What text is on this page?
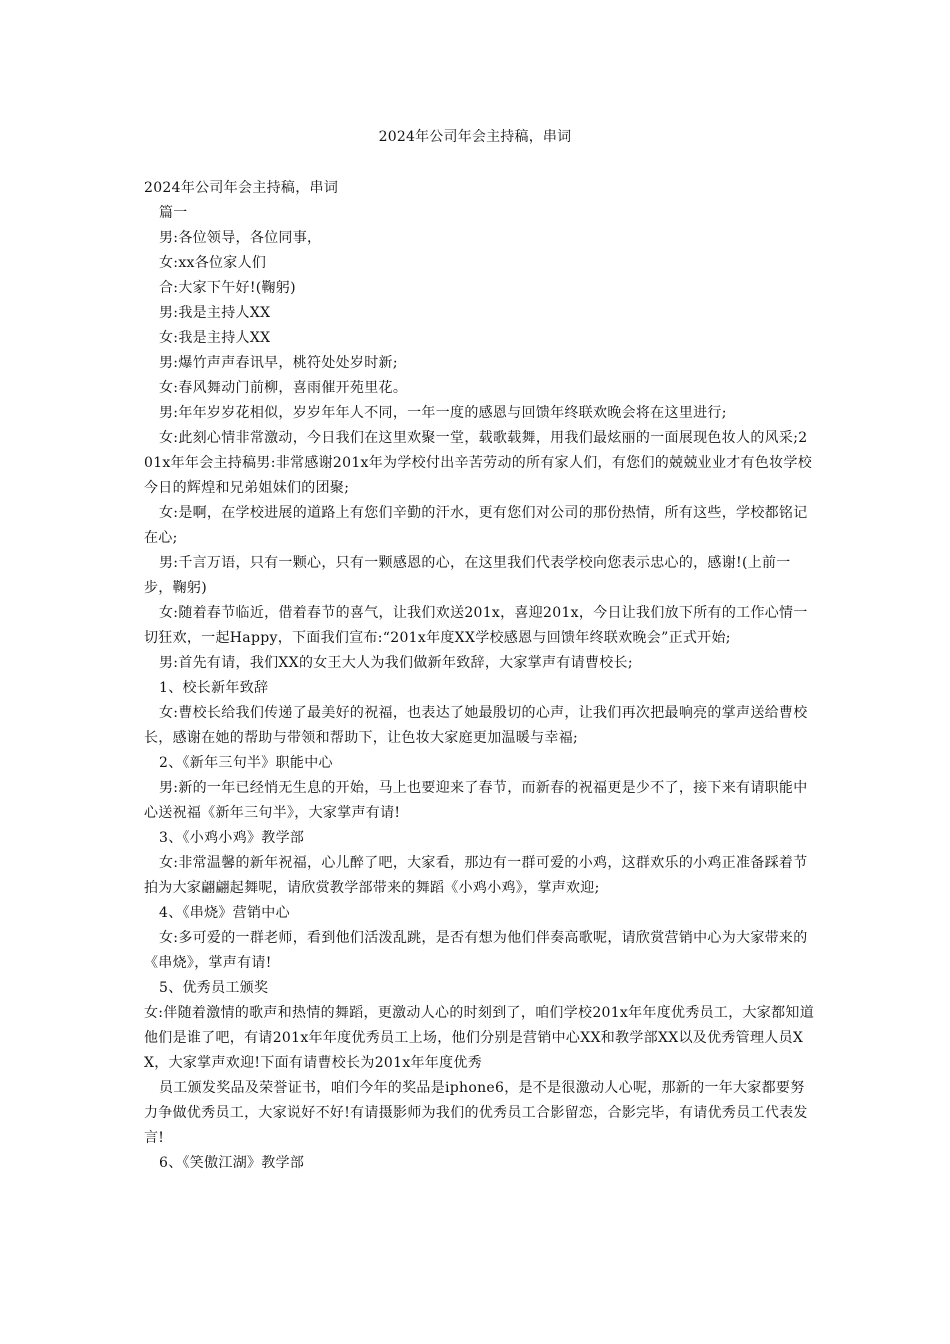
2024年公司年会主持稿，串词

2024年公司年会主持稿，串词

篇一

男:各位领导，各位同事，

女:xx各位家人们

合:大家下午好!(鞠躬)

男:我是主持人XX

女:我是主持人XX

男:爆竹声声春讯早，桃符处处岁时新;

女:春风舞动门前柳，喜雨催开苑里花。

男:年年岁岁花相似，岁岁年年人不同，一年一度的感恩与回馈年终联欢晚会将在这里进行;

女:此刻心情非常激动，今日我们在这里欢聚一堂，载歌载舞，用我们最炫丽的一面展现色妆人的风采;201x年年会主持稿男:非常感谢201x年为学校付出辛苦劳动的所有家人们，有您们的兢兢业业才有色妆学校今日的辉煌和兄弟姐妹们的团聚;

女:是啊，在学校进展的道路上有您们辛勤的汗水，更有您们对公司的那份热情，所有这些，学校都铭记在心;

男:千言万语，只有一颗心，只有一颗感恩的心，在这里我们代表学校向您表示忠心的，感谢!(上前一步，鞠躬)

女:随着春节临近，借着春节的喜气，让我们欢送201x，喜迎201x，今日让我们放下所有的工作心情一切狂欢，一起Happy，下面我们宣布:“201x年度XX学校感恩与回馈年终联欢晚会”正式开始;

男:首先有请，我们XX的女王大人为我们做新年致辞，大家掌声有请曹校长;

1、校长新年致辞

女:曹校长给我们传递了最美好的祝福，也表达了她最殷切的心声，让我们再次把最响亮的掌声送给曹校长，感谢在她的帮助与带领和帮助下，让色妆大家庭更加温暖与幸福;

2、《新年三句半》职能中心

男:新的一年已经悄无生息的开始，马上也要迎来了春节，而新春的祝福更是少不了，接下来有请职能中心送祝福《新年三句半》，大家掌声有请!

3、《小鸡小鸡》教学部

女:非常温馨的新年祝福，心儿醉了吧，大家看，那边有一群可爱的小鸡，这群欢乐的小鸡正准备踩着节拍为大家翩翩起舞呢，请欣赏教学部带来的舞蹈《小鸡小鸡》，掌声欢迎;

4、《串烧》营销中心

女:多可爱的一群老师，看到他们活泼乱跳，是否有想为他们伴奏高歌呢，请欣赏营销中心为大家带来的《串烧》，掌声有请!

5、优秀员工颁奖

女:伴随着激情的歌声和热情的舞蹈，更激动人心的时刻到了，咱们学校201x年年度优秀员工，大家都知道他们是谁了吧，有请201x年年度优秀员工上场，他们分别是营销中心XX和教学部XX以及优秀管理人员XX，大家掌声欢迎!下面有请曹校长为201x年年度优秀

员工颁发奖品及荣誉证书，咱们今年的奖品是iphone6，是不是很激动人心呢，那新的一年大家都要努力争做优秀员工，大家说好不好!有请摄影师为我们的优秀员工合影留恋，合影完毕，有请优秀员工代表发言!

6、《笑傲江湖》教学部
